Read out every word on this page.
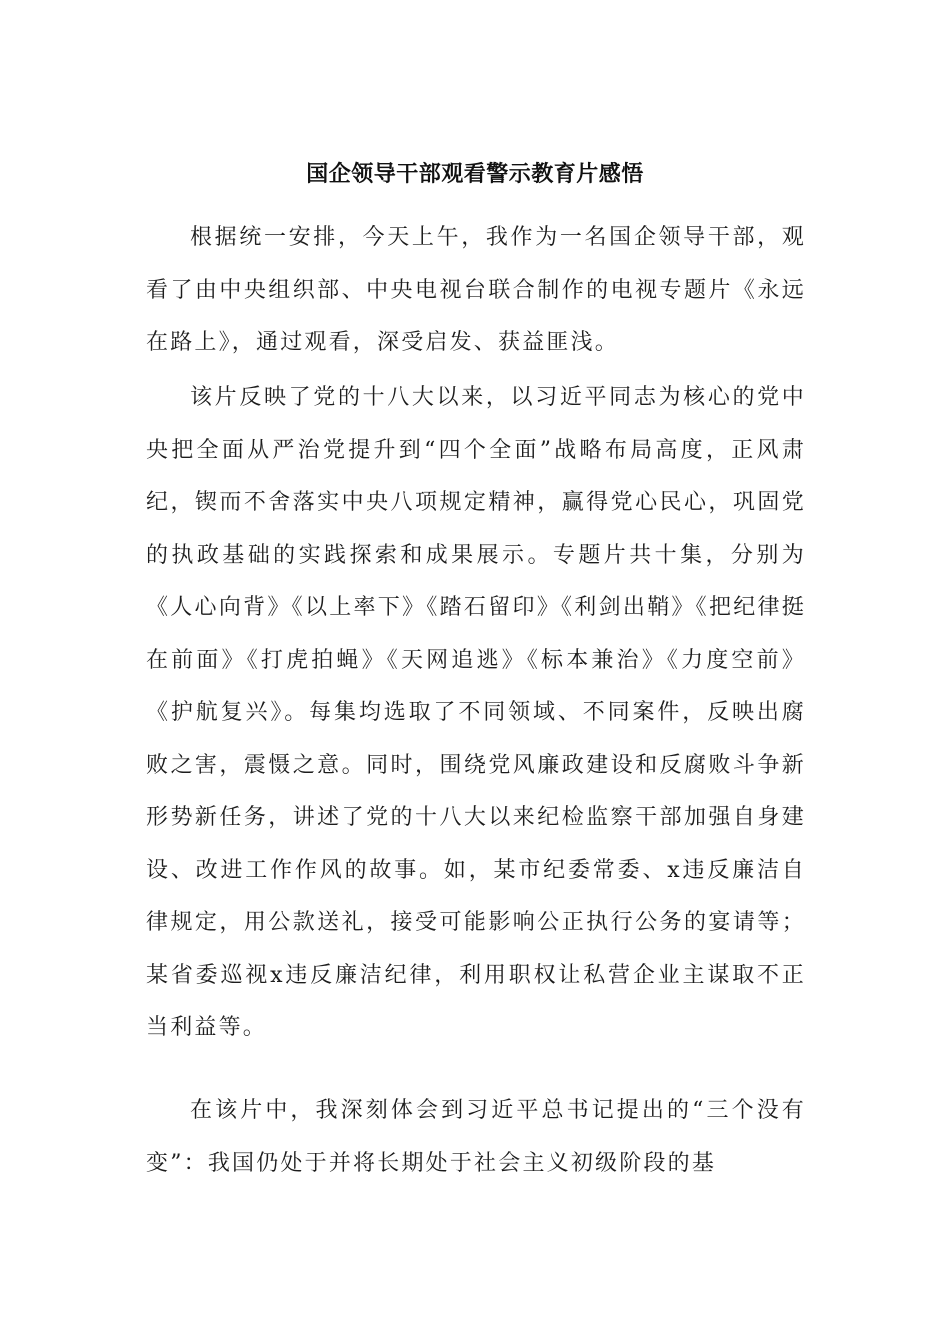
国企领导干部观看警示教育片感悟

根据统一安排，今天上午，我作为一名国企领导干部，观看了由中央组织部、中央电视台联合制作的电视专题片《永远在路上》，通过观看，深受启发、获益匪浅。

该片反映了党的十八大以来，以习近平同志为核心的党中央把全面从严治党提升到“四个全面”战略布局高度，正风肃纪，锲而不舍落实中央八项规定精神，赢得党心民心，巩固党的执政基础的实践探索和成果展示。专题片共十集，分别为《人心向背》《以上率下》《踏石留印》《利剑出鞘》《把纪律挺在前面》《打虎拍蝇》《天网追逃》《标本兼治》《力度空前》《护航复兴》。每集均选取了不同领域、不同案件，反映出腐败之害，震慑之意。同时，围绕党风廉政建设和反腐败斗争新形势新任务，讲述了党的十八大以来纪检监察干部加强自身建设、改进工作作风的故事。如，某市纪委常委、x违反廉洁自律规定，用公款送礼，接受可能影响公正执行公务的宴请等；某省委巡视x违反廉洁纪律，利用职权让私营企业主谋取不正当利益等。

在该片中，我深刻体会到习近平总书记提出的“三个没有变”：我国仍处于并将长期处于社会主义初级阶段的基
